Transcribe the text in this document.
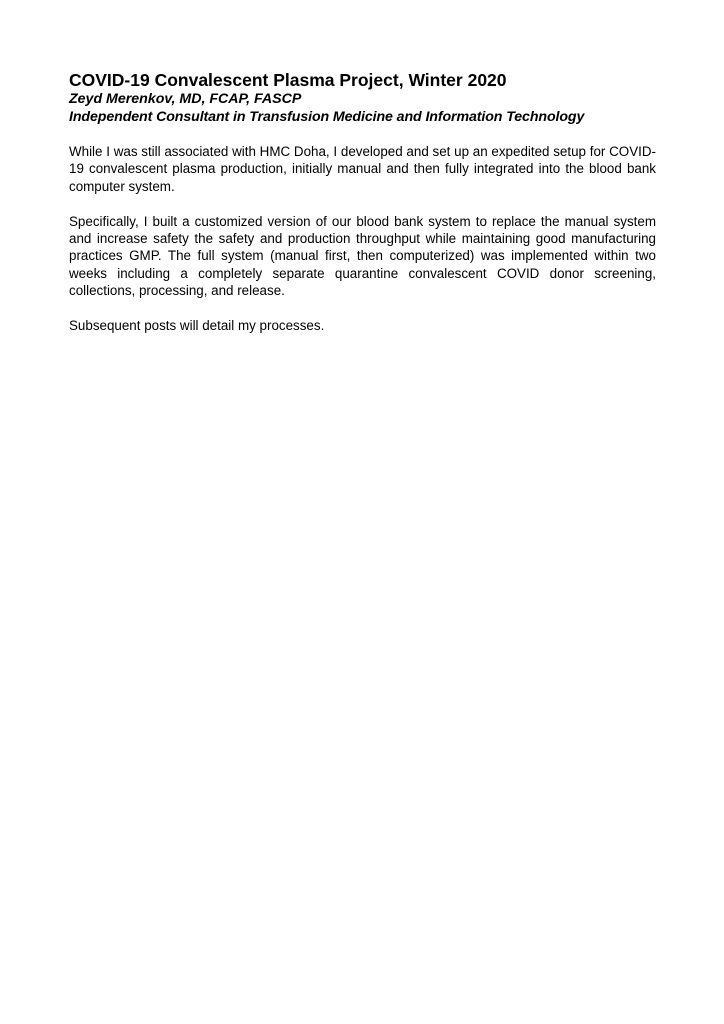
COVID-19 Convalescent Plasma Project, Winter 2020

Zeyd Merenkov, MD, FCAP, FASCP

Independent Consultant in Transfusion Medicine and Information Technology

While I was still associated with HMC Doha, I developed and set up an expedited setup for COVID-19 convalescent plasma production, initially manual and then fully integrated into the blood bank computer system.

Specifically, I built a customized version of our blood bank system to replace the manual system and increase safety the safety and production throughput while maintaining good manufacturing practices GMP. The full system (manual first, then computerized) was implemented within two weeks including a completely separate quarantine convalescent COVID donor screening, collections, processing, and release.

Subsequent posts will detail my processes.
